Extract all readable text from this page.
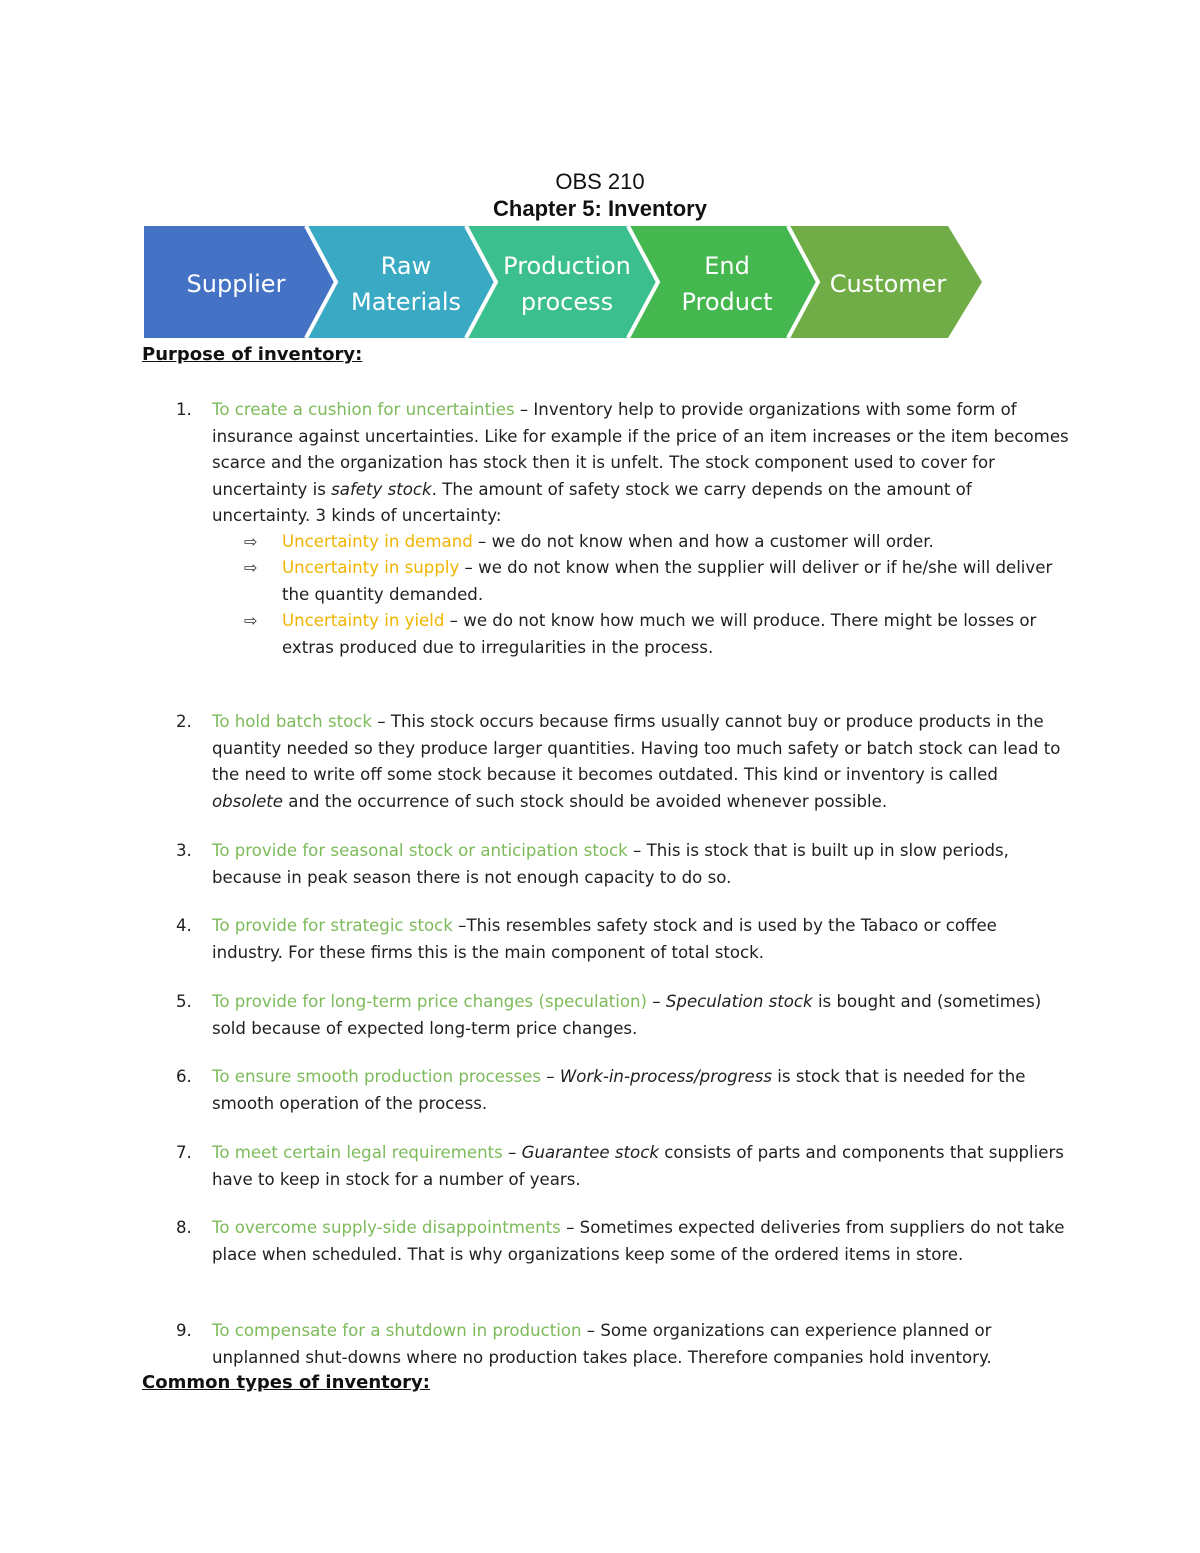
OBS 210
Chapter 5: Inventory
Supplier
Raw
Materials
Production
process
End
Product
Customer
Purpose of inventory:
1.	To create a cushion for uncertainties – Inventory help to provide organizations with some form of insurance against uncertainties. Like for example if the price of an item increases or the item becomes scarce and the organization has stock then it is unfelt. The stock component used to cover for uncertainty is safety stock. The amount of safety stock we carry depends on the amount of uncertainty. 3 kinds of uncertainty:
⇨ Uncertainty in demand – we do not know when and how a customer will order.
⇨ Uncertainty in supply – we do not know when the supplier will deliver or if he/she will deliver the quantity demanded.
⇨ Uncertainty in yield – we do not know how much we will produce. There might be losses or extras produced due to irregularities in the process.
2.	To hold batch stock – This stock occurs because firms usually cannot buy or produce products in the quantity needed so they produce larger quantities. Having too much safety or batch stock can lead to the need to write off some stock because it becomes outdated. This kind or inventory is called obsolete and the occurrence of such stock should be avoided whenever possible.
3.	To provide for seasonal stock or anticipation stock – This is stock that is built up in slow periods, because in peak season there is not enough capacity to do so.
4.	To provide for strategic stock –This resembles safety stock and is used by the Tabaco or coffee industry. For these firms this is the main component of total stock.
5.	To provide for long-term price changes (speculation) – Speculation stock is bought and (sometimes) sold because of expected long-term price changes.
6.	To ensure smooth production processes – Work-in-process/progress is stock that is needed for the smooth operation of the process.
7.	To meet certain legal requirements – Guarantee stock consists of parts and components that suppliers have to keep in stock for a number of years.
8.	To overcome supply-side disappointments – Sometimes expected deliveries from suppliers do not take place when scheduled. That is why organizations keep some of the ordered items in store.
9.	To compensate for a shutdown in production – Some organizations can experience planned or unplanned shut-downs where no production takes place. Therefore companies hold inventory.
Common types of inventory:
